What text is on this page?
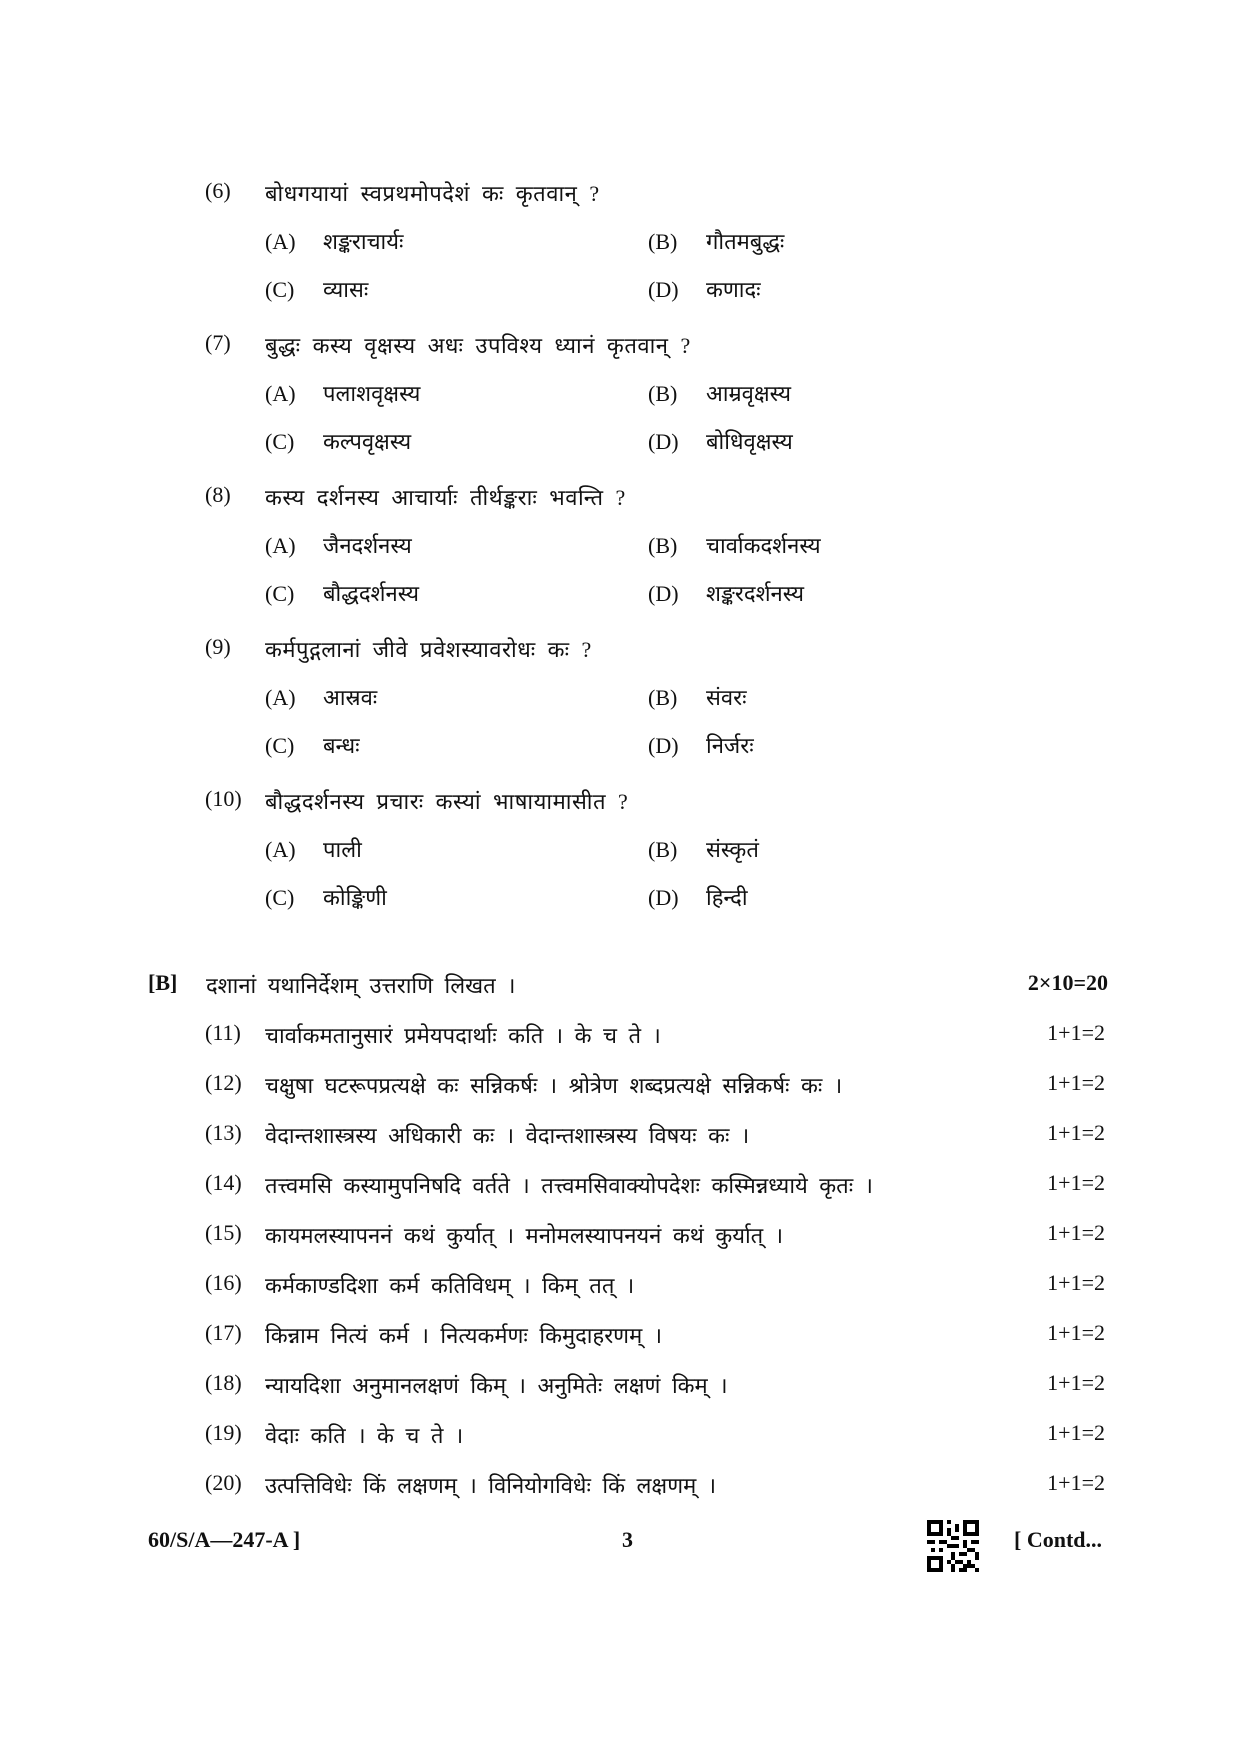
(6)	बोधगयायां स्वप्रथमोपदेशं कः कृतवान् ?
(A) शङ्कराचार्यः	(B) गौतमबुद्धः
(C) व्यासः	(D) कणादः
(7)	बुद्धः कस्य वृक्षस्य अधः उपविश्य ध्यानं कृतवान् ?
(A) पलाशवृक्षस्य	(B) आम्रवृक्षस्य
(C) कल्पवृक्षस्य	(D) बोधिवृक्षस्य
(8)	कस्य दर्शनस्य आचार्याः तीर्थङ्कराः भवन्ति ?
(A) जैनदर्शनस्य	(B) चार्वाकदर्शनस्य
(C) बौद्धदर्शनस्य	(D) शङ्करदर्शनस्य
(9)	कर्मपुद्गलानां जीवे प्रवेशस्यावरोधः कः ?
(A) आस्रवः	(B) संवरः
(C) बन्धः	(D) निर्जरः
(10)	बौद्धदर्शनस्य प्रचारः कस्यां भाषायामासीत ?
(A) पाली	(B) संस्कृतं
(C) कोङ्किणी	(D) हिन्दी
[B] दशानां यथानिर्देशम् उत्तराणि लिखत ।	2×10=20
(11) चार्वाकमतानुसारं प्रमेयपदार्थाः कति । के च ते ।	1+1=2
(12) चक्षुषा घटरूपप्रत्यक्षे कः सन्निकर्षः । श्रोत्रेण शब्दप्रत्यक्षे सन्निकर्षः कः ।	1+1=2
(13) वेदान्तशास्त्रस्य अधिकारी कः । वेदान्तशास्त्रस्य विषयः कः ।	1+1=2
(14) तत्त्वमसि कस्यामुपनिषदि वर्तते । तत्त्वमसिवाक्योपदेशः कस्मिन्नध्याये कृतः ।	1+1=2
(15) कायमलस्यापननं कथं कुर्यात् । मनोमलस्यापनयनं कथं कुर्यात् ।	1+1=2
(16) कर्मकाण्डदिशा कर्म कतिविधम् । किम् तत् ।	1+1=2
(17) किन्नाम नित्यं कर्म । नित्यकर्मणः किमुदाहरणम् ।	1+1=2
(18) न्यायदिशा अनुमानलक्षणं किम् । अनुमितेः लक्षणं किम् ।	1+1=2
(19) वेदाः कति । के च ते ।	1+1=2
(20) उत्पत्तिविधेः किं लक्षणम् । विनियोगविधेः किं लक्षणम् ।	1+1=2
60/S/A—247-A ]	3	[ Contd...
